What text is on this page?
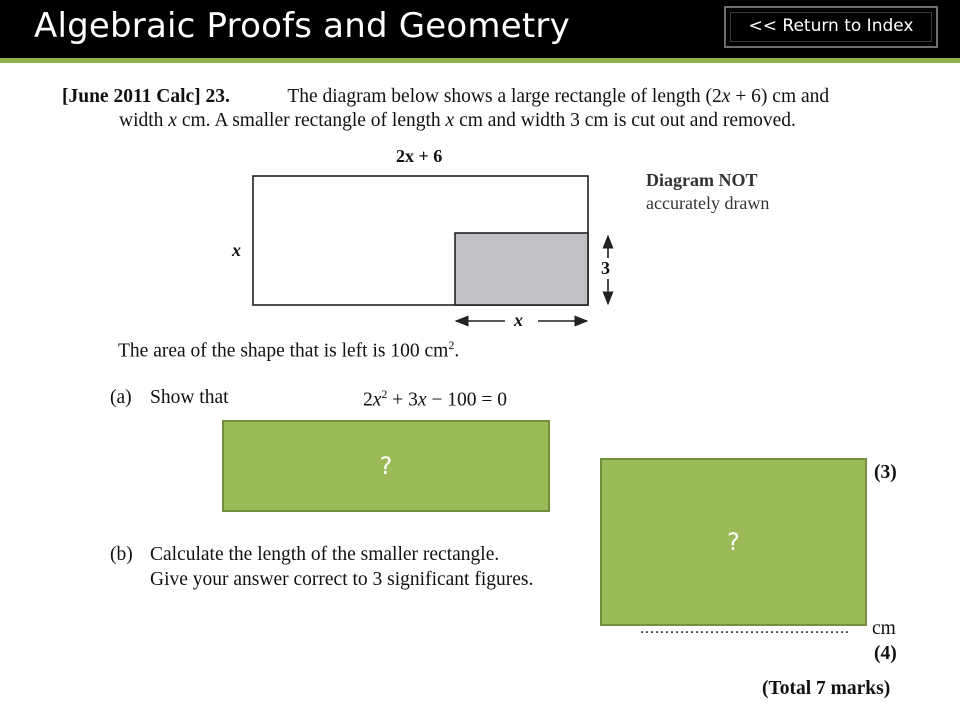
Algebraic Proofs and Geometry	<< Return to Index
[June 2011 Calc] 23.	The diagram below shows a large rectangle of length (2x + 6) cm and
width x cm. A smaller rectangle of length x cm and width 3 cm is cut out and removed.
2x + 6
x
3
x
Diagram NOT
accurately drawn
The area of the shape that is left is 100 $cm^2$.
(a) Show that	$2x^2 + 3x - 100 = 0$
?	(3)
(b) Calculate the length of the smaller rectangle.
Give your answer correct to 3 significant figures.
?
.......................................... cm
(4)
(Total 7 marks)
